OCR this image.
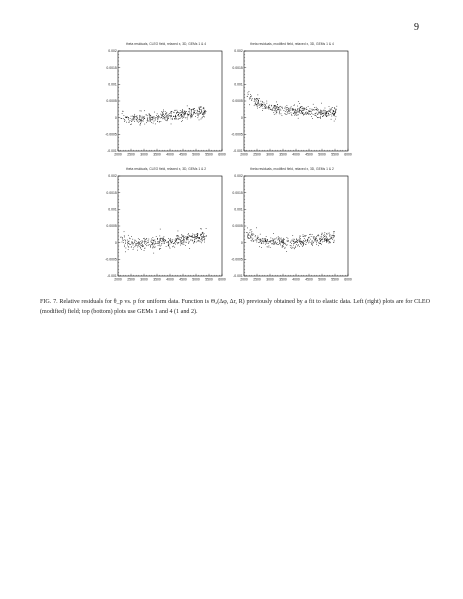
9
theta residuals, CLEO field, relaxed x, 3D, GEMs 1 & 4
2000 2500 3000 3500 4000 4500 5000 5500 6000
-0.001
-0.0005
0
0.0005
0.001
0.0015
0.002
theta residuals, modified field, relaxed x, 3D, GEMs 1 & 4
2000 2500 3000 3500 4000 4500 5000 5500 6000
-0.001
-0.0005
0
0.0005
0.001
0.0015
0.002
theta residuals, CLEO field, relaxed x, 3D, GEMs 1 & 2
2000 2500 3000 3500 4000 4500 5000 5500 6000
-0.001
-0.0005
0
0.0005
0.001
0.0015
0.002
theta residuals, modified field, relaxed x, 3D, GEMs 1 & 2
2000 2500 3000 3500 4000 4500 5000 5500 6000
-0.001
-0.0005
0
0.0005
0.001
0.0015
0.002
FIG. 7. Relative residuals for θ_p vs. p for uniform data. Function is Θ₂(Δφ, Δr, R) previously obtained by a fit to elastic data. Left (right) plots are for CLEO (modified) field; top (bottom) plots use GEMs 1 and 4 (1 and 2).
